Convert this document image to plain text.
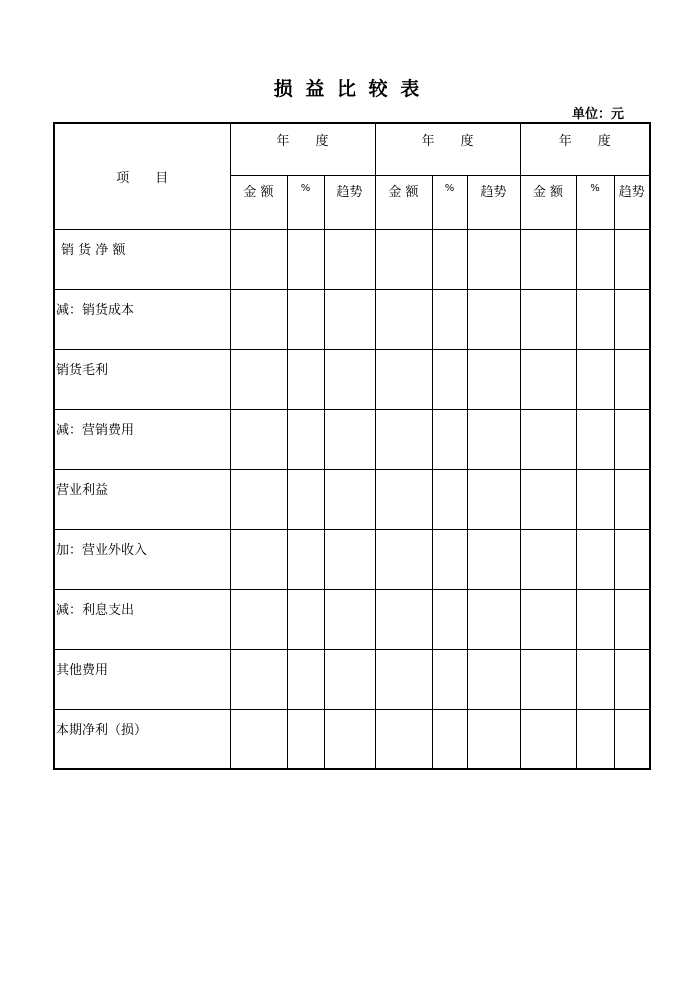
损 益 比 较 表
单位：元
项　　目	年　　度			年　　度			年　　度		
	金 额	%	趋势	金 额	%	趋势	金 额	%	趋势
销 货 净 额									
减：销货成本									
销货毛利									
减：营销费用									
营业利益									
加：营业外收入									
减：利息支出									
其他费用									
本期净利（损）									
